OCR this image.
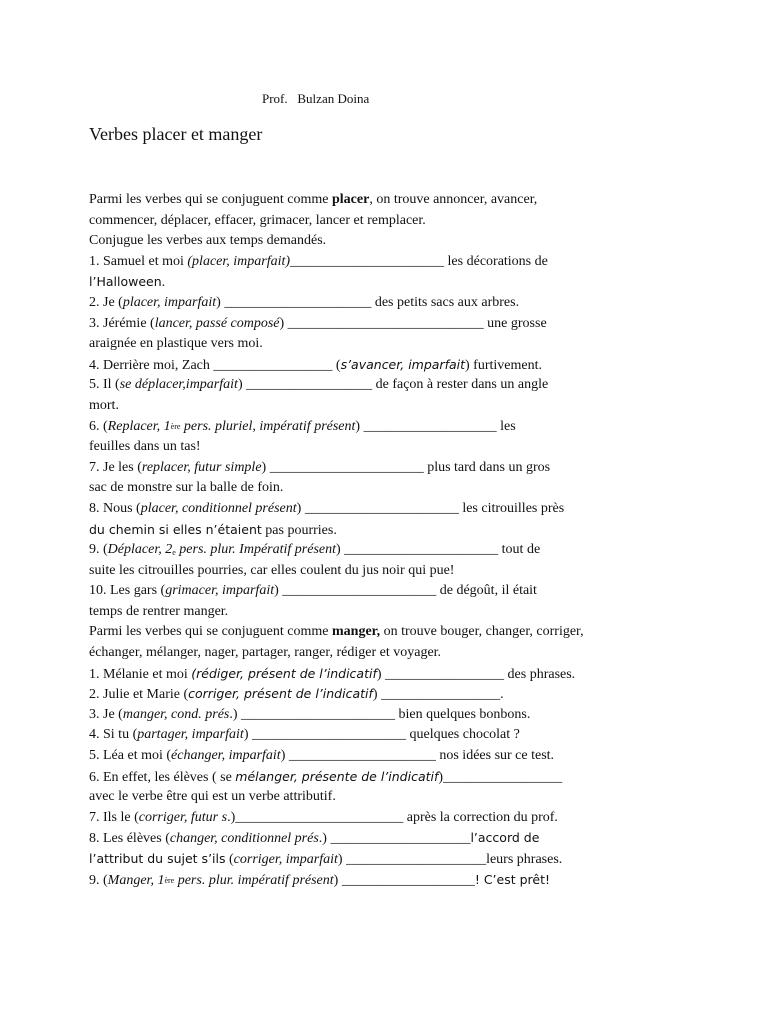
Prof.   Bulzan Doina
Verbes placer et manger
Parmi les verbes qui se conjuguent comme placer, on trouve annoncer, avancer,
commencer, déplacer, effacer, grimacer, lancer et remplacer.
Conjugue les verbes aux temps demandés.
1. Samuel et moi (placer, imparfait)______________________ les décorations de
l’Halloween.
2. Je (placer, imparfait) _____________________ des petits sacs aux arbres.
3. Jérémie (lancer, passé composé) ____________________________ une grosse
araignée en plastique vers moi.
4. Derrière moi, Zach _________________ (s’avancer, imparfait) furtivement.
5. Il (se déplacer,imparfait) __________________ de façon à rester dans un angle
mort.
6. (Replacer, 1ère pers. pluriel, impératif présent) ___________________ les
feuilles dans un tas!
7. Je les (replacer, futur simple) ______________________ plus tard dans un gros
sac de monstre sur la balle de foin.
8. Nous (placer, conditionnel présent) ______________________ les citrouilles près
du chemin si elles n’étaient pas pourries.
9. (Déplacer, $2_e$ pers. plur. Impératif présent) ______________________ tout de
suite les citrouilles pourries, car elles coulent du jus noir qui pue!
10. Les gars (grimacer, imparfait) ______________________ de dégoût, il était
temps de rentrer manger.
Parmi les verbes qui se conjuguent comme manger, on trouve bouger, changer, corriger,
échanger, mélanger, nager, partager, ranger, rédiger et voyager.
1. Mélanie et moi (rédiger, présent de l’indicatif) _________________ des phrases.
2. Julie et Marie (corriger, présent de l’indicatif) _________________.
3. Je (manger, cond. prés.) ______________________ bien quelques bonbons.
4. Si tu (partager, imparfait) ______________________ quelques chocolat ?
5. Léa et moi (échanger, imparfait) _____________________ nos idées sur ce test.
6. En effet, les élèves ( se mélanger, présente de l’indicatif)_________________
avec le verbe être qui est un verbe attributif.
7. Ils le (corriger, futur s.)________________________ après la correction du prof.
8. Les élèves (changer, conditionnel prés.) ____________________l’accord de
l’attribut du sujet s’ils (corriger, imparfait) ____________________leurs phrases.
9. (Manger, 1ère pers. plur. impératif présent) ___________________! C’est prêt!
